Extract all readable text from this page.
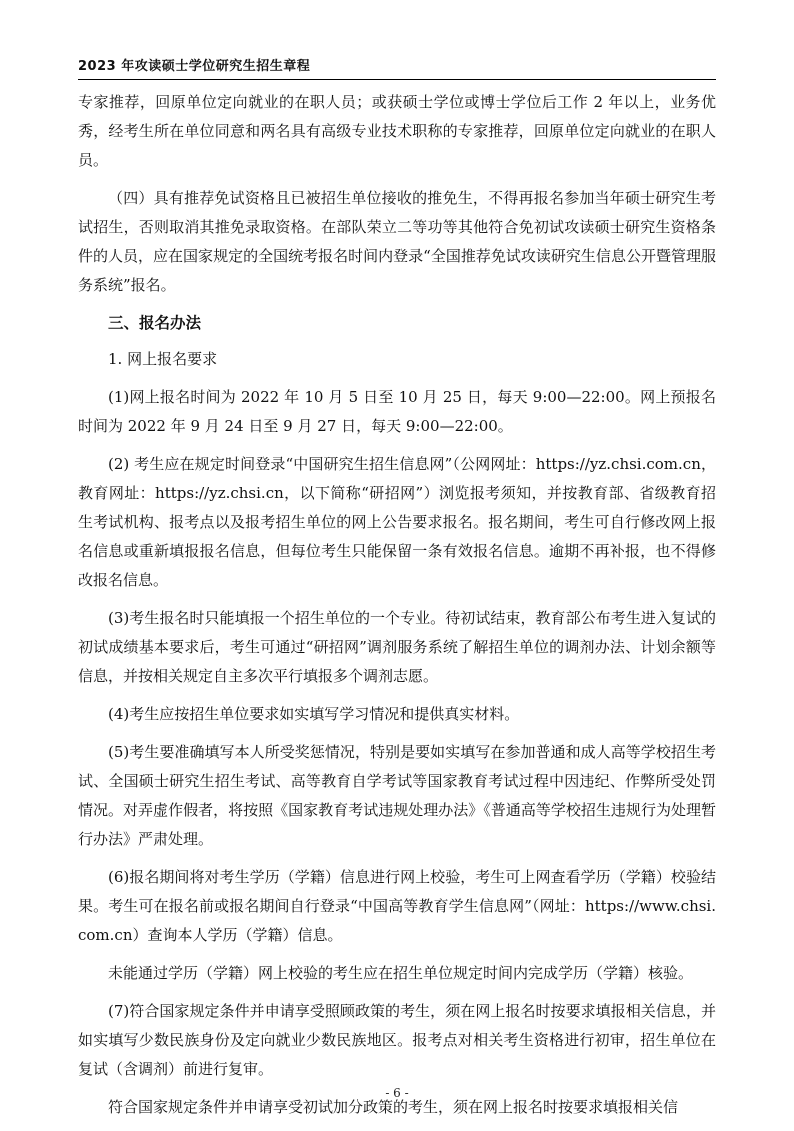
2023 年攻读硕士学位研究生招生章程

专家推荐，回原单位定向就业的在职人员；或获硕士学位或博士学位后工作 2 年以上，业务优秀，经考生所在单位同意和两名具有高级专业技术职称的专家推荐，回原单位定向就业的在职人员。

（四）具有推荐免试资格且已被招生单位接收的推免生，不得再报名参加当年硕士研究生考试招生，否则取消其推免录取资格。在部队荣立二等功等其他符合免初试攻读硕士研究生资格条件的人员，应在国家规定的全国统考报名时间内登录“全国推荐免试攻读研究生信息公开暨管理服务系统”报名。

三、报名办法

1. 网上报名要求

(1)网上报名时间为 2022 年 10 月 5 日至 10 月 25 日，每天 9:00—22:00。网上预报名时间为 2022 年 9 月 24 日至 9 月 27 日，每天 9:00—22:00。

(2) 考生应在规定时间登录“中国研究生招生信息网”（公网网址：https://yz.chsi.com.cn，教育网址：https://yz.chsi.cn，以下简称“研招网”）浏览报考须知，并按教育部、省级教育招生考试机构、报考点以及报考招生单位的网上公告要求报名。报名期间，考生可自行修改网上报名信息或重新填报报名信息，但每位考生只能保留一条有效报名信息。逾期不再补报，也不得修改报名信息。

(3)考生报名时只能填报一个招生单位的一个专业。待初试结束，教育部公布考生进入复试的初试成绩基本要求后，考生可通过“研招网”调剂服务系统了解招生单位的调剂办法、计划余额等信息，并按相关规定自主多次平行填报多个调剂志愿。

(4)考生应按招生单位要求如实填写学习情况和提供真实材料。

(5)考生要准确填写本人所受奖惩情况，特别是要如实填写在参加普通和成人高等学校招生考试、全国硕士研究生招生考试、高等教育自学考试等国家教育考试过程中因违纪、作弊所受处罚情况。对弄虚作假者，将按照《国家教育考试违规处理办法》《普通高等学校招生违规行为处理暂行办法》严肃处理。

(6)报名期间将对考生学历（学籍）信息进行网上校验，考生可上网查看学历（学籍）校验结果。考生可在报名前或报名期间自行登录“中国高等教育学生信息网”（网址：https://www.chsi.com.cn）查询本人学历（学籍）信息。

未能通过学历（学籍）网上校验的考生应在招生单位规定时间内完成学历（学籍）核验。

(7)符合国家规定条件并申请享受照顾政策的考生，须在网上报名时按要求填报相关信息，并如实填写少数民族身份及定向就业少数民族地区。报考点对相关考生资格进行初审，招生单位在复试（含调剂）前进行复审。

符合国家规定条件并申请享受初试加分政策的考生，须在网上报名时按要求填报相关信

- 6 -
